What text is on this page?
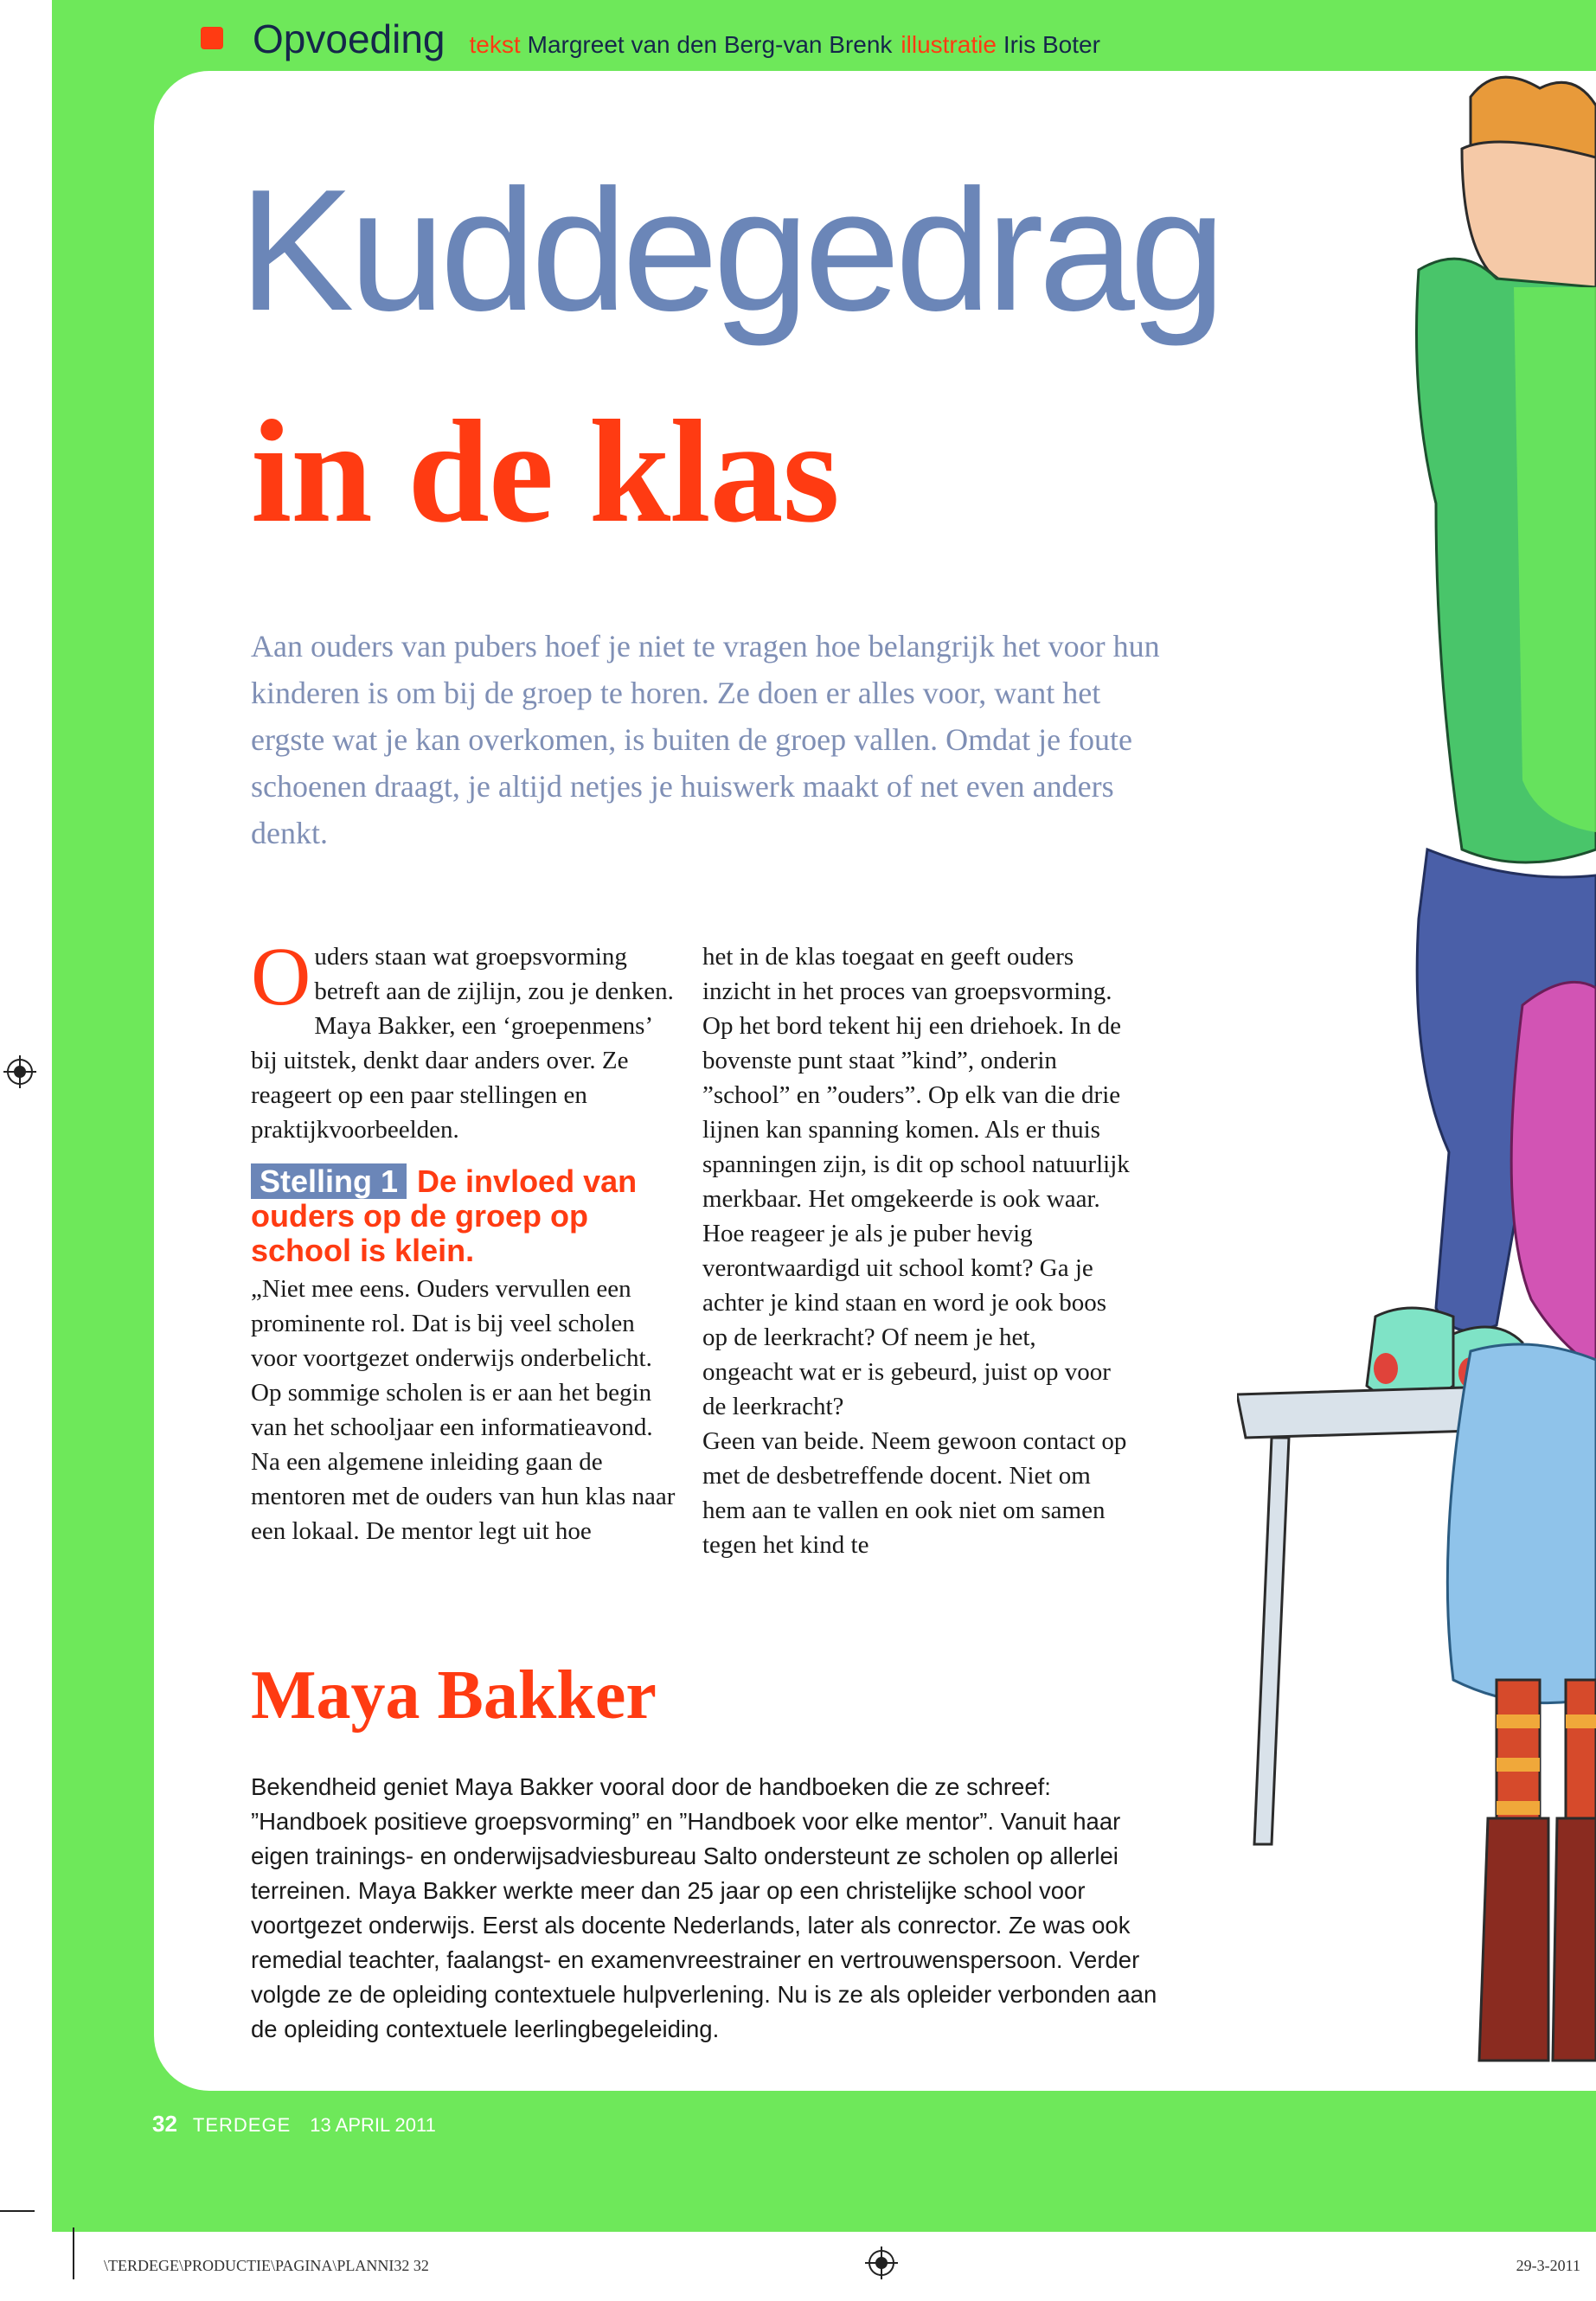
Opvoeding tekst Margreet van den Berg-van Brenk illustratie Iris Boter
Kuddegedrag
in de klas

Aan ouders van pubers hoef je niet te vragen hoe belangrijk het voor hun kinderen is om bij de groep te horen. Ze doen er alles voor, want het ergste wat je kan overkomen, is buiten de groep vallen. Omdat je foute schoenen draagt, je altijd netjes je huiswerk maakt of net even anders denkt.

Ouders staan wat groepsvorming betreft aan de zijlijn, zou je denken. Maya Bakker, een ‘groepenmens’ bij uitstek, denkt daar anders over. Ze reageert op een paar stellingen en praktijkvoorbeelden.

Stelling 1 De invloed van ouders op de groep op school is klein.

„Niet mee eens. Ouders vervullen een prominente rol. Dat is bij veel scholen voor voortgezet onderwijs onderbelicht. Op sommige scholen is er aan het begin van het schooljaar een informatieavond. Na een algemene inleiding gaan de mentoren met de ouders van hun klas naar een lokaal. De mentor legt uit hoe

het in de klas toegaat en geeft ouders inzicht in het proces van groepsvorming. Op het bord tekent hij een driehoek. In de bovenste punt staat ”kind”, onderin ”school” en ”ouders”. Op elk van die drie lijnen kan spanning komen. Als er thuis spanningen zijn, is dit op school natuurlijk merkbaar. Het omgekeerde is ook waar. Hoe reageer je als je puber hevig verontwaardigd uit school komt? Ga je achter je kind staan en word je ook boos op de leerkracht? Of neem je het, ongeacht wat er is gebeurd, juist op voor de leerkracht?

Geen van beide. Neem gewoon contact op met de desbetreffende docent. Niet om hem aan te vallen en ook niet om samen tegen het kind te

Maya Bakker

Bekendheid geniet Maya Bakker vooral door de handboeken die ze schreef: ”Handboek positieve groepsvorming” en ”Handboek voor elke mentor”. Vanuit haar eigen trainings- en onderwijsadviesbureau Salto ondersteunt ze scholen op allerlei terreinen. Maya Bakker werkte meer dan 25 jaar op een christelijke school voor voortgezet onderwijs. Eerst als docente Nederlands, later als conrector. Ze was ook remedial teachter, faalangst- en examenvreestrainer en vertrouwenspersoon. Verder volgde ze de opleiding contextuele hulpverlening. Nu is ze als opleider verbonden aan de opleiding contextuele leerlingbegeleiding.

32 TERDEGE 13 APRIL 2011
\TERDEGE\PRODUCTIE\PAGINA\PLANNI32 32	29-3-2011
